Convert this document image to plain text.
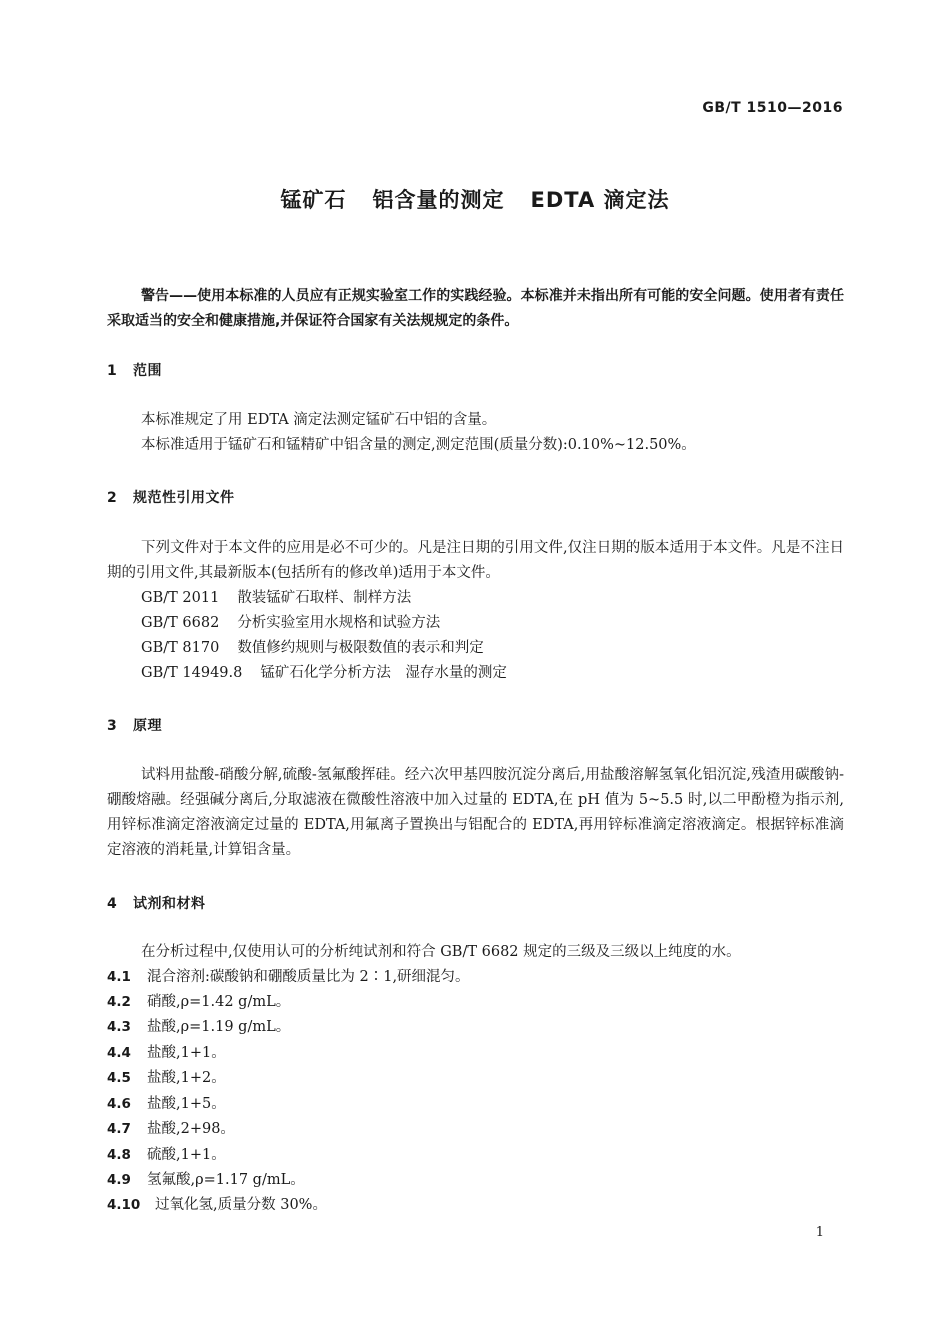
GB/T 1510—2016
锰矿石 铝含量的测定 EDTA 滴定法
警告——使用本标准的人员应有正规实验室工作的实践经验。本标准并未指出所有可能的安全问题。使用者有责任采取适当的安全和健康措施,并保证符合国家有关法规规定的条件。
1 范围

本标准规定了用 EDTA 滴定法测定锰矿石中铝的含量。

本标准适用于锰矿石和锰精矿中铝含量的测定,测定范围(质量分数):0.10%~12.50%。

2 规范性引用文件

下列文件对于本文件的应用是必不可少的。凡是注日期的引用文件,仅注日期的版本适用于本文件。凡是不注日期的引用文件,其最新版本(包括所有的修改单)适用于本文件。

GB/T 2011 散装锰矿石取样、制样方法

GB/T 6682 分析实验室用水规格和试验方法

GB/T 8170 数值修约规则与极限数值的表示和判定

GB/T 14949.8 锰矿石化学分析方法　湿存水量的测定

3 原理

试料用盐酸-硝酸分解,硫酸-氢氟酸挥硅。经六次甲基四胺沉淀分离后,用盐酸溶解氢氧化铝沉淀,残渣用碳酸钠-硼酸熔融。经强碱分离后,分取滤液在微酸性溶液中加入过量的 EDTA,在 pH 值为 5~5.5 时,以二甲酚橙为指示剂,用锌标准滴定溶液滴定过量的 EDTA,用氟离子置换出与铝配合的 EDTA,再用锌标准滴定溶液滴定。根据锌标准滴定溶液的消耗量,计算铝含量。

4 试剂和材料

在分析过程中,仅使用认可的分析纯试剂和符合 GB/T 6682 规定的三级及三级以上纯度的水。

4.1 混合溶剂:碳酸钠和硼酸质量比为 2∶1,研细混匀。
4.2 硝酸,ρ=1.42 g/mL。
4.3 盐酸,ρ=1.19 g/mL。
4.4 盐酸,1+1。
4.5 盐酸,1+2。
4.6 盐酸,1+5。
4.7 盐酸,2+98。
4.8 硫酸,1+1。
4.9 氢氟酸,ρ=1.17 g/mL。
4.10 过氧化氢,质量分数 30%。
1
